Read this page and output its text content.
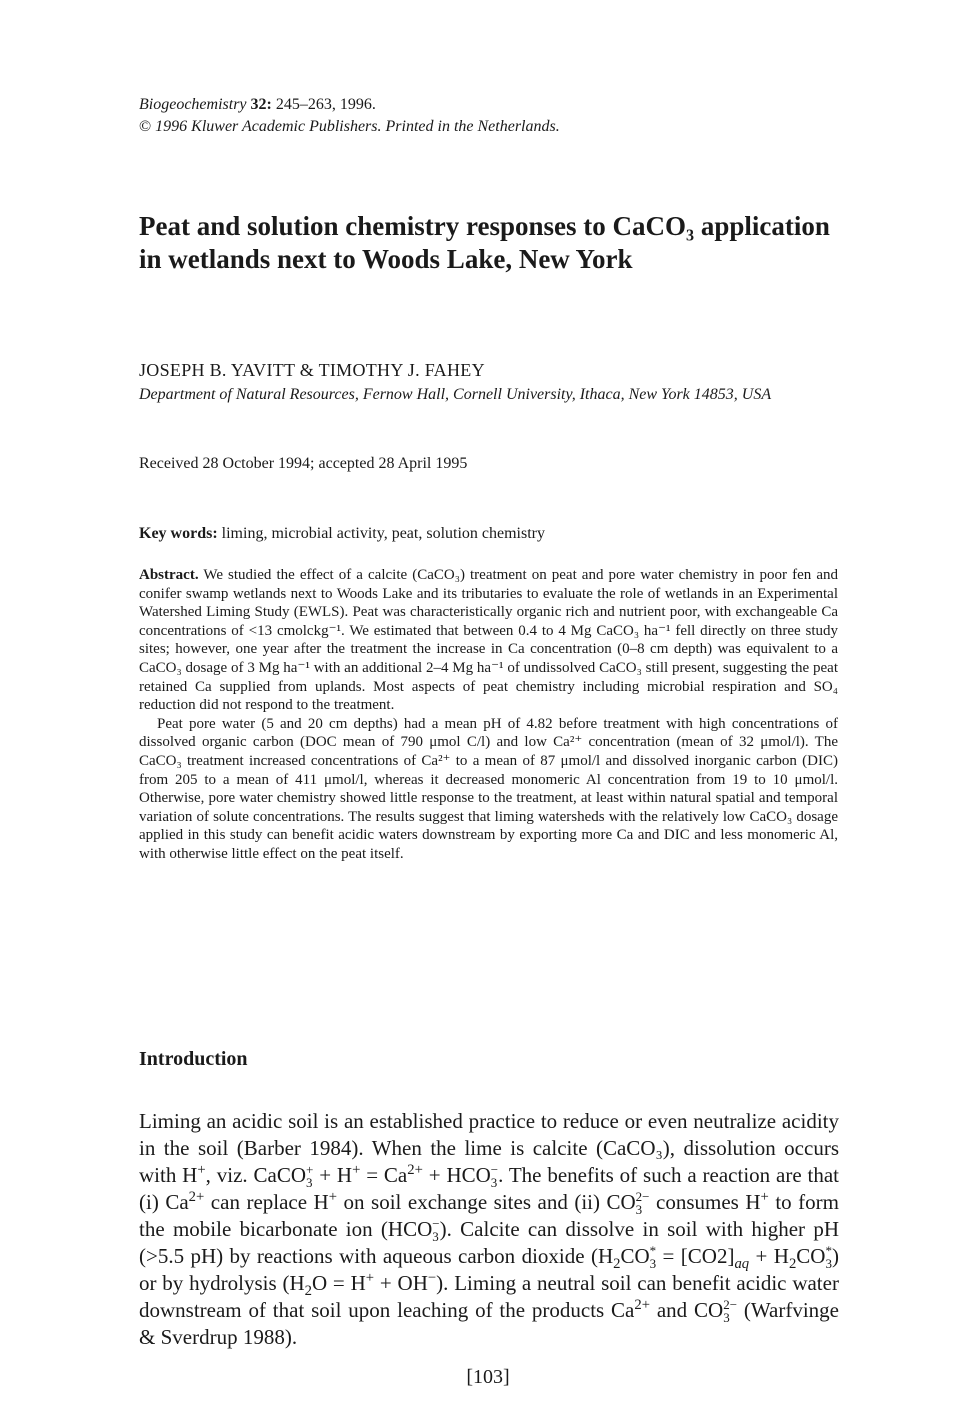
Biogeochemistry 32: 245–263, 1996.
© 1996 Kluwer Academic Publishers. Printed in the Netherlands.
Peat and solution chemistry responses to CaCO₃ application in wetlands next to Woods Lake, New York
JOSEPH B. YAVITT & TIMOTHY J. FAHEY
Department of Natural Resources, Fernow Hall, Cornell University, Ithaca, New York 14853, USA
Received 28 October 1994; accepted 28 April 1995
Key words: liming, microbial activity, peat, solution chemistry

Abstract. We studied the effect of a calcite (CaCO₃) treatment on peat and pore water chemistry in poor fen and conifer swamp wetlands next to Woods Lake and its tributaries to evaluate the role of wetlands in an Experimental Watershed Liming Study (EWLS). Peat was characteristically organic rich and nutrient poor, with exchangeable Ca concentrations of <13 cmolckg⁻¹. We estimated that between 0.4 to 4 Mg CaCO₃ ha⁻¹ fell directly on three study sites; however, one year after the treatment the increase in Ca concentration (0–8 cm depth) was equivalent to a CaCO₃ dosage of 3 Mg ha⁻¹ with an additional 2–4 Mg ha⁻¹ of undissolved CaCO₃ still present, suggesting the peat retained Ca supplied from uplands. Most aspects of peat chemistry including microbial respiration and SO₄ reduction did not respond to the treatment.

Peat pore water (5 and 20 cm depths) had a mean pH of 4.82 before treatment with high concentrations of dissolved organic carbon (DOC mean of 790 μmol C/l) and low Ca²⁺ concentration (mean of 32 μmol/l). The CaCO₃ treatment increased concentrations of Ca²⁺ to a mean of 87 μmol/l and dissolved inorganic carbon (DIC) from 205 to a mean of 411 μmol/l, whereas it decreased monomeric Al concentration from 19 to 10 μmol/l. Otherwise, pore water chemistry showed little response to the treatment, at least within natural spatial and temporal variation of solute concentrations. The results suggest that liming watersheds with the relatively low CaCO₃ dosage applied in this study can benefit acidic waters downstream by exporting more Ca and DIC and less monomeric Al, with otherwise little effect on the peat itself.

Introduction

Liming an acidic soil is an established practice to reduce or even neutralize acidity in the soil (Barber 1984). When the lime is calcite (CaCO₃), dissolution occurs with H+, viz. CaCO +
$3 + H^+ = Ca^{2+}$ + HCO −
3 . The benefits of such a reaction are that (i) $Ca^{2+}$ can replace H+ on soil exchange sites and (ii) CO 2−
3 consumes H+ to form the mobile bicarbonate ion (HCO −
3 ). Calcite can dissolve in soil with higher pH (>5.5 pH) by reactions with aqueous carbon dioxide ($H_2CO$ *
$3 = [CO2]_{aq} + H_2CO$ *
3 ) or by hydrolysis $(H_2O = H^+ + OH^-)$. Liming a neutral soil can benefit acidic water downstream of that soil upon leaching of the products $Ca^{2+}$ and CO 2−
3 (Warfvinge & Sverdrup 1988).

[103]
